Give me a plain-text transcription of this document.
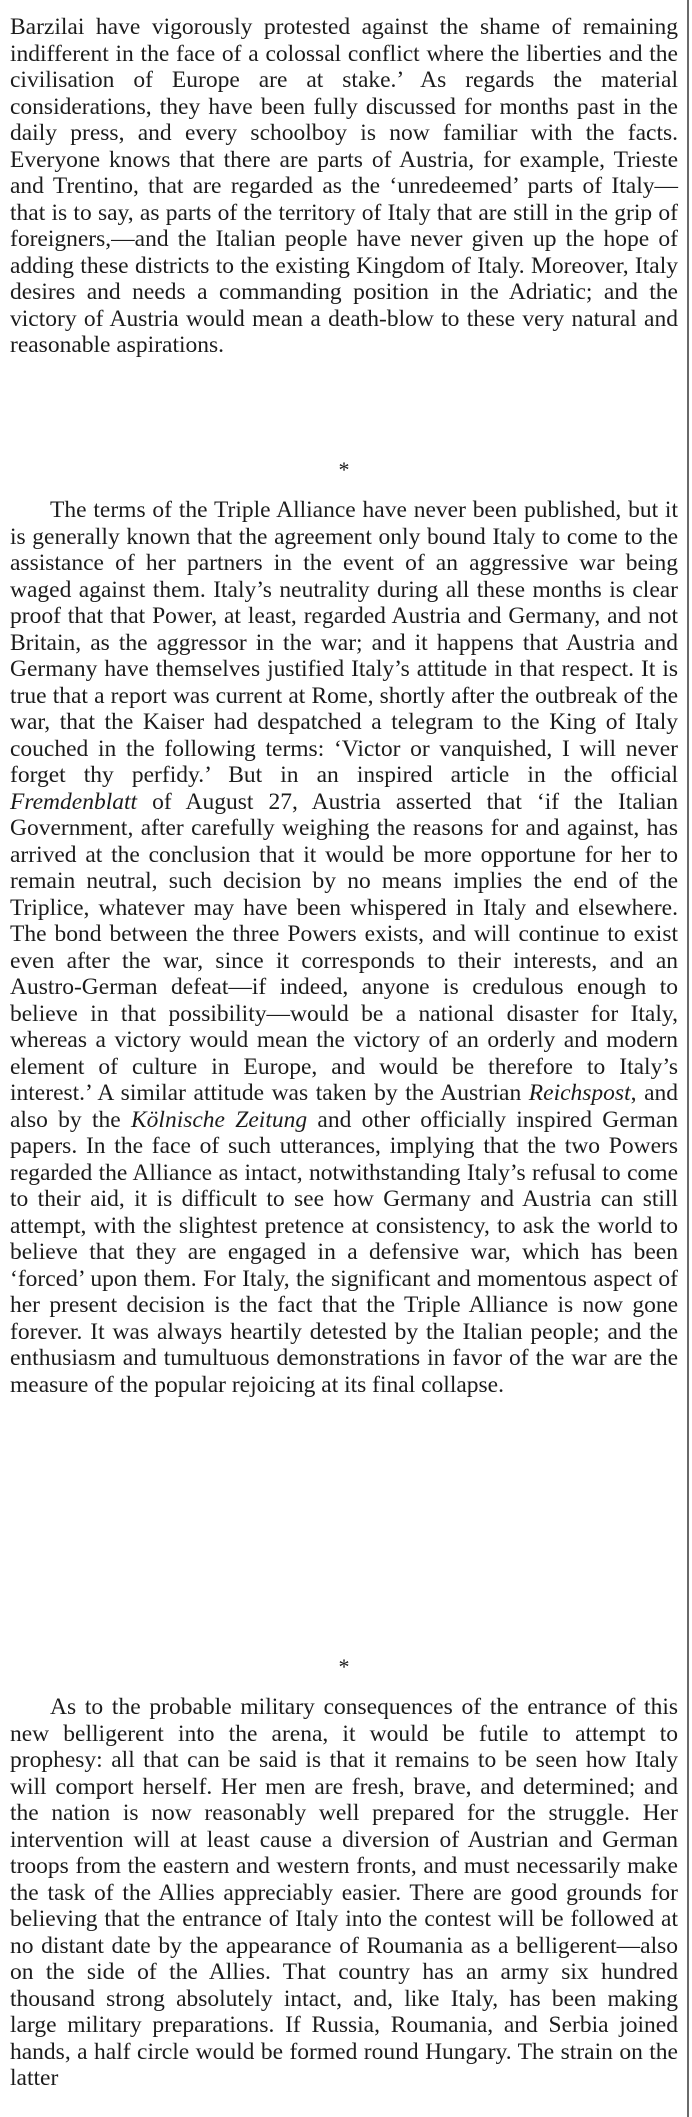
Barzilai have vigorously protested against the shame of remaining indifferent in the face of a colossal conflict where the liberties and the civilisation of Europe are at stake.’ As regards the material considerations, they have been fully discussed for months past in the daily press, and every schoolboy is now familiar with the facts. Everyone knows that there are parts of Austria, for example, Trieste and Trentino, that are regarded as the ‘unredeemed’ parts of Italy—that is to say, as parts of the territory of Italy that are still in the grip of foreigners,—and the Italian people have never given up the hope of adding these districts to the existing Kingdom of Italy. Moreover, Italy desires and needs a commanding position in the Adriatic; and the victory of Austria would mean a death-blow to these very natural and reasonable aspirations.

*

The terms of the Triple Alliance have never been published, but it is generally known that the agreement only bound Italy to come to the assistance of her partners in the event of an aggressive war being waged against them. Italy’s neutrality during all these months is clear proof that that Power, at least, regarded Austria and Germany, and not Britain, as the aggressor in the war; and it happens that Austria and Germany have themselves justified Italy’s attitude in that respect. It is true that a report was current at Rome, shortly after the outbreak of the war, that the Kaiser had despatched a telegram to the King of Italy couched in the following terms: ‘Victor or vanquished, I will never forget thy perfidy.’ But in an inspired article in the official Fremdenblatt of August 27, Austria asserted that ‘if the Italian Government, after carefully weighing the reasons for and against, has arrived at the conclusion that it would be more opportune for her to remain neutral, such decision by no means implies the end of the Triplice, whatever may have been whispered in Italy and elsewhere. The bond between the three Powers exists, and will continue to exist even after the war, since it corresponds to their interests, and an Austro-German defeat—if indeed, anyone is credulous enough to believe in that possibility—would be a national disaster for Italy, whereas a victory would mean the victory of an orderly and modern element of culture in Europe, and would be therefore to Italy’s interest.’ A similar attitude was taken by the Austrian Reichspost, and also by the Kölnische Zeitung and other officially inspired German papers. In the face of such utterances, implying that the two Powers regarded the Alliance as intact, notwithstanding Italy’s refusal to come to their aid, it is difficult to see how Germany and Austria can still attempt, with the slightest pretence at consistency, to ask the world to believe that they are engaged in a defensive war, which has been ‘forced’ upon them. For Italy, the significant and momentous aspect of her present decision is the fact that the Triple Alliance is now gone forever. It was always heartily detested by the Italian people; and the enthusiasm and tumultuous demonstrations in favor of the war are the measure of the popular rejoicing at its final collapse.

*

As to the probable military consequences of the entrance of this new belligerent into the arena, it would be futile to attempt to prophesy: all that can be said is that it remains to be seen how Italy will comport herself. Her men are fresh, brave, and determined; and the nation is now reasonably well prepared for the struggle. Her intervention will at least cause a diversion of Austrian and German troops from the eastern and western fronts, and must necessarily make the task of the Allies appreciably easier. There are good grounds for believing that the entrance of Italy into the contest will be followed at no distant date by the appearance of Roumania as a belligerent—also on the side of the Allies. That country has an army six hundred thousand strong absolutely intact, and, like Italy, has been making large military preparations. If Russia, Roumania, and Serbia joined hands, a half circle would be formed round Hungary. The strain on the latter
